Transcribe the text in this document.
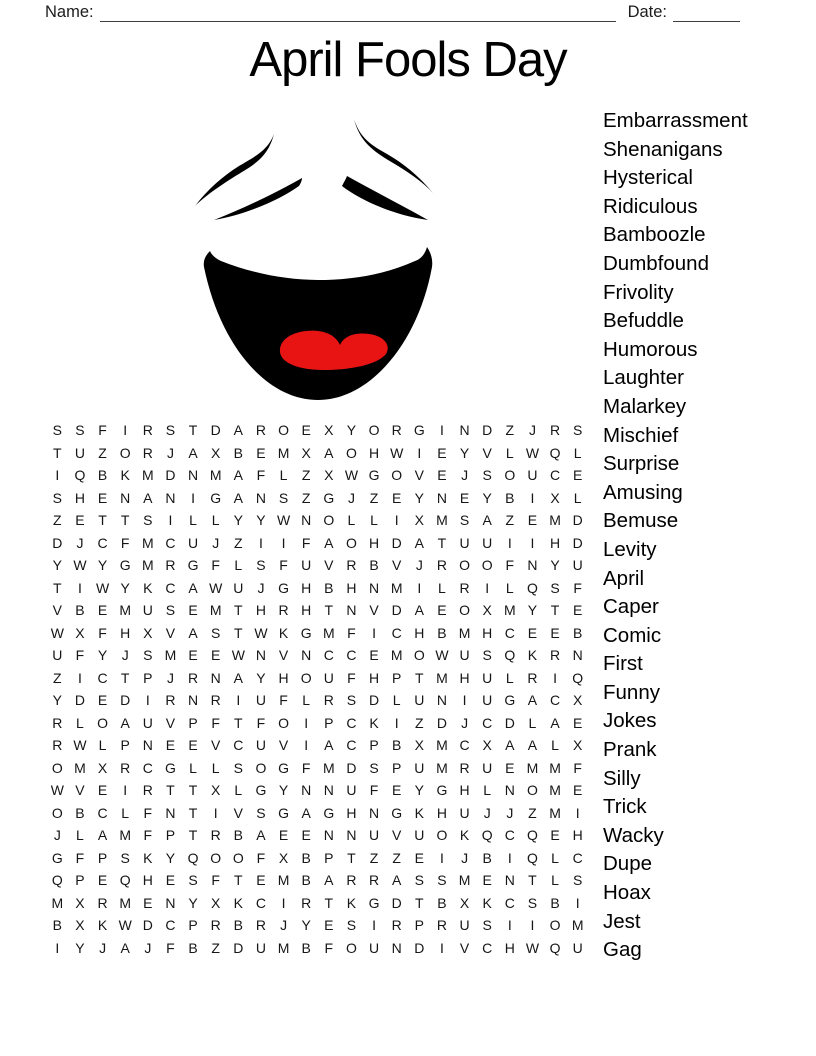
Name:	Date:
April Fools Day
Embarrassment
Shenanigans
Hysterical
Ridiculous
Bamboozle
Dumbfound
Frivolity
Befuddle
Humorous
Laughter
Malarkey
Mischief
Surprise
Amusing
Bemuse
Levity
April
Caper
Comic
First
Funny
Jokes
Prank
Silly
Trick
Wacky
Dupe
Hoax
Jest
Gag
S S F	I	R S T D A R O E X Y O R G	I	N D Z	J	R S
T U Z O R	J	A X B E M X A O H W	I	E Y V	L W Q L
I	Q B K M D N M A F	L	Z X W G O V E	J	S O U C E
S H E N A N	I	G A N S Z G J	Z E Y N E Y B	I	X	L
Z E T	T S	I	L	L	Y Y W N O L	L	I	X M S A Z E M D
D	J	C F M C U	J	Z	I	I	F A O H D A T U U	I	I	H D
Y W Y G M R G F	L	S F U V R B V	J	R O O F N Y U
T	I	W Y K C A W U	J G H B H N M	I	L R	I	L Q S F
V B E M U S E M T H R H T N V D A E O X M Y T E
W X F H X V A S T W K G M F	I	C H B M H C E E B
U F Y	J	S M E E W N V N C C E M O W U S Q K R N
Z	I	C T P	J	R N A Y H O U F H P T M H U L R	I	Q
Y D E D	I	R N R	I	U F	L R S D L U N	I	U G A C X
R L O A U V P F	T	F O	I	P C K	I	Z D	J	C D L	A E
R W L	P N E E V C U V	I	A C P B X M C X A A	L	X
O M X R C G L	L	S O G F M D S P U M R U E M M F
W V E	I	R T	T X	L G Y N N U F E Y G H L N O M E
O B C L	F N T	I	V S G A G H N G K H U	J	J	Z M	I
J	L	A M F P T R B A E E N N U V U O K Q C Q E H
G F P S K Y Q O O F X B P T	Z	Z E	I	J	B	I	Q L C
Q P E Q H E S F	T E M B A R R A S S M E N T	L	S
M X R M E N Y X K C	I	R T K G D T B X K C S B	I
B X K W D C P R B R	J	Y E S	I	R P R U S	I	I	O M
I	Y	J	A	J	F B Z D U M B F O U N D	I	V C H W Q U
